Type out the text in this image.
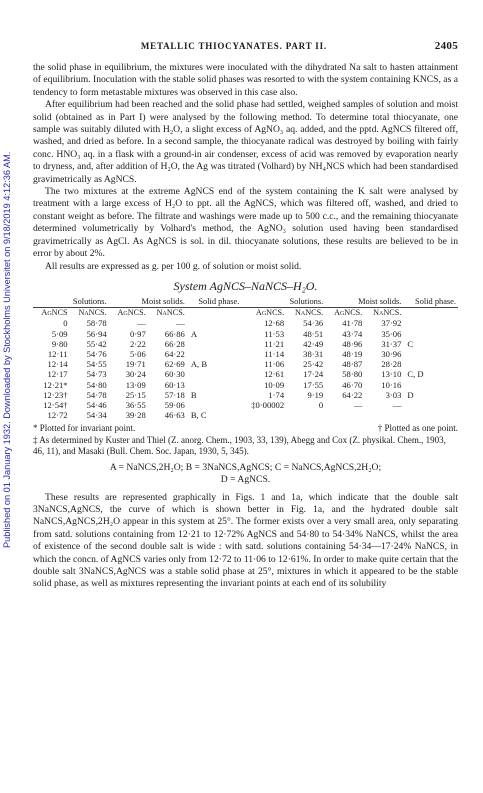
Published on 01 January 1932. Downloaded by Stockholms Universitet on 9/18/2019 4:12:36 AM.
METALLIC THIOCYANATES. PART II.	2405

the solid phase in equilibrium, the mixtures were inoculated with the dihydrated Na salt to hasten attainment of equilibrium. Inoculation with the stable solid phases was resorted to with the system containing KNCS, as a tendency to form metastable mixtures was observed in this case also.

After equilibrium had been reached and the solid phase had settled, weighed samples of solution and moist solid (obtained as in Part I) were analysed by the following method. To determine total thiocyanate, one sample was suitably diluted with H₂O, a slight excess of AgNO₃ aq. added, and the pptd. AgNCS filtered off, washed, and dried as before. In a second sample, the thiocyanate radical was destroyed by boiling with fairly conc. HNO₃ aq. in a flask with a ground-in air condenser, excess of acid was removed by evaporation nearly to dryness, and, after addition of H₂O, the Ag was titrated (Volhard) by NH₄NCS which had been standardised gravimetrically as AgNCS.

The two mixtures at the extreme AgNCS end of the system containing the K salt were analysed by treatment with a large excess of H₂O to ppt. all the AgNCS, which was filtered off, washed, and dried to constant weight as before. The filtrate and washings were made up to 500 c.c., and the remaining thiocyanate determined volumetrically by Volhard's method, the AgNO₃ solution used having been standardised gravimetrically as AgCl. As AgNCS is sol. in dil. thiocyanate solutions, these results are believed to be in error by about 2%.

All results are expressed as g. per 100 g. of solution or moist solid.

System AgNCS–NaNCS–H₂O.
Solutions.		Moist solids.		Solid phase.	Solutions.		Moist solids.		Solid phase.
AgNCS	NaNCS.	AgNCS.	NaNCS.		AgNCS.	NaNCS.	AgNCS.	NaNCS.	
0	58·78	—	—		12·68	54·36	41·78	37·92	
5·09	56·94	0·97	66·86	A	11·53	48·51	43·74	35·06	
9·80	55·42	2·22	66·28		11·21	42·49	48·96	31·37	C
12·11	54·76	5·06	64·22		11·14	38·31	48·19	30·96	
12·14	54·55	19·71	62·69	A, B	11·06	25·42	48·87	28·28	
12·17	54·73	30·24	60·30		12·61	17·24	58·80	13·10	C, D
12·21*	54·80	13·09	60·13		10·09	17·55	46·70	10·16	
12·23†	54·78	25·15	57·18	B	1·74	9·19	64·22	3·03	D
12·54†	54·46	36·55	59·06		‡0·00002	0	—	—	
12·72	54·34	39·28	46·63	B, C					
* Plotted for invariant point.	† Plotted as one point.
‡ As determined by Kuster and Thiel (Z. anorg. Chem., 1903, 33, 139), Abegg and Cox (Z. physikal. Chem., 1903, 46, 11), and Masaki (Bull. Chem. Soc. Japan, 1930, 5, 345).
A = NaNCS,2H₂O; B = 3NaNCS,AgNCS; C = NaNCS,AgNCS,2H₂O;
D = AgNCS.

These results are represented graphically in Figs. 1 and 1a, which indicate that the double salt 3NaNCS,AgNCS, the curve of which is shown better in Fig. 1a, and the hydrated double salt NaNCS,AgNCS,2H₂O appear in this system at 25°. The former exists over a very small area, only separating from satd. solutions containing from 12·21 to 12·72% AgNCS and 54·80 to 54·34% NaNCS, whilst the area of existence of the second double salt is wide : with satd. solutions containing 54·34—17·24% NaNCS, in which the concn. of AgNCS varies only from 12·72 to 11·06 to 12·61%. In order to make quite certain that the double salt 3NaNCS,AgNCS was a stable solid phase at 25°, mixtures in which it appeared to be the stable solid phase, as well as mixtures representing the invariant points at each end of its solubility
